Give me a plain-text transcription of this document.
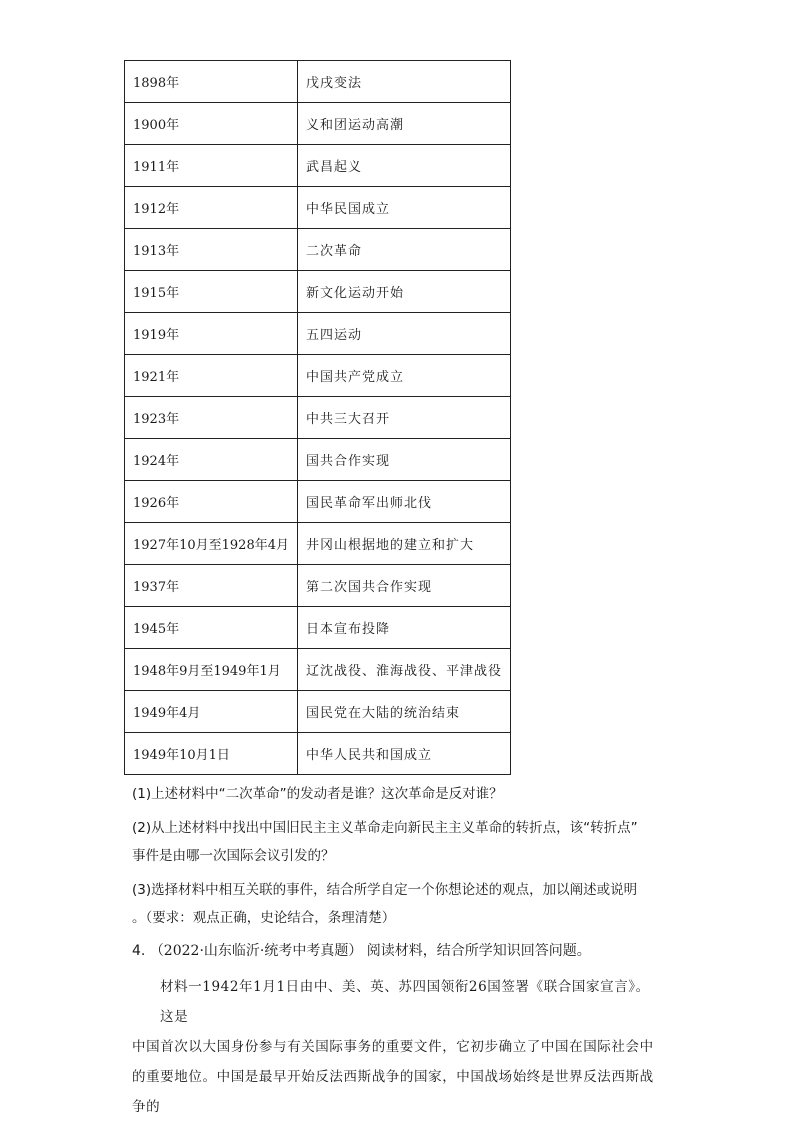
1898年	戊戌变法
1900年	义和团运动高潮
1911年	武昌起义
1912年	中华民国成立
1913年	二次革命
1915年	新文化运动开始
1919年	五四运动
1921年	中国共产党成立
1923年	中共三大召开
1924年	国共合作实现
1926年	国民革命军出师北伐
1927年10月至1928年4月	井冈山根据地的建立和扩大
1937年	第二次国共合作实现
1945年	日本宣布投降
1948年9月至1949年1月	辽沈战役、淮海战役、平津战役
1949年4月	国民党在大陆的统治结束
1949年10月1日	中华人民共和国成立
(1)上述材料中“二次革命”的发动者是谁？这次革命是反对谁？
(2)从上述材料中找出中国旧民主主义革命走向新民主主义革命的转折点，该“转折点”
事件是由哪一次国际会议引发的？
(3)选择材料中相互关联的事件，结合所学自定一个你想论述的观点，加以阐述或说明
。（要求：观点正确，史论结合，条理清楚）
4. （2022·山东临沂·统考中考真题） 阅读材料，结合所学知识回答问题。

材料一1942年1月1日由中、美、英、苏四国领衔26国签署《联合国家宣言》。这是

中国首次以大国身份参与有关国际事务的重要文件，它初步确立了中国在国际社会中

的重要地位。中国是最早开始反法西斯战争的国家，中国战场始终是世界反法西斯战争的
